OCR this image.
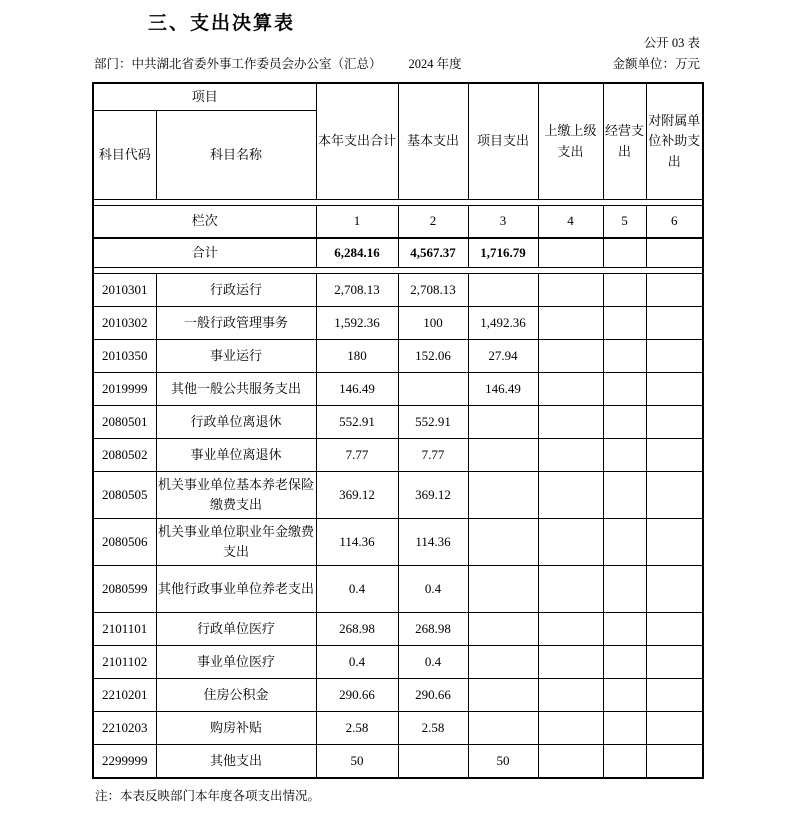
三、支出决算表
公开 03 表
部门：中共湖北省委外事工作委员会办公室（汇总） 2024 年度	金额单位：万元
项目		本年支出合计	基本支出	项目支出	上缴上级支出	经营支出	对附属单位补助支出
科目代码	科目名称						

栏次		1	2	3	4	5	6
合计		6,284.16	4,567.37	1,716.79			

2010301	行政运行	2,708.13	2,708.13				
2010302	一般行政管理事务	1,592.36	100	1,492.36			
2010350	事业运行	180	152.06	27.94			
2019999	其他一般公共服务支出	146.49		146.49			
2080501	行政单位离退休	552.91	552.91				
2080502	事业单位离退休	7.77	7.77				
2080505	机关事业单位基本养老保险缴费支出	369.12	369.12				
2080506	机关事业单位职业年金缴费支出	114.36	114.36				
2080599	其他行政事业单位养老支出	0.4	0.4				
2101101	行政单位医疗	268.98	268.98				
2101102	事业单位医疗	0.4	0.4				
2210201	住房公积金	290.66	290.66				
2210203	购房补贴	2.58	2.58				
2299999	其他支出	50		50			
注：本表反映部门本年度各项支出情况。
